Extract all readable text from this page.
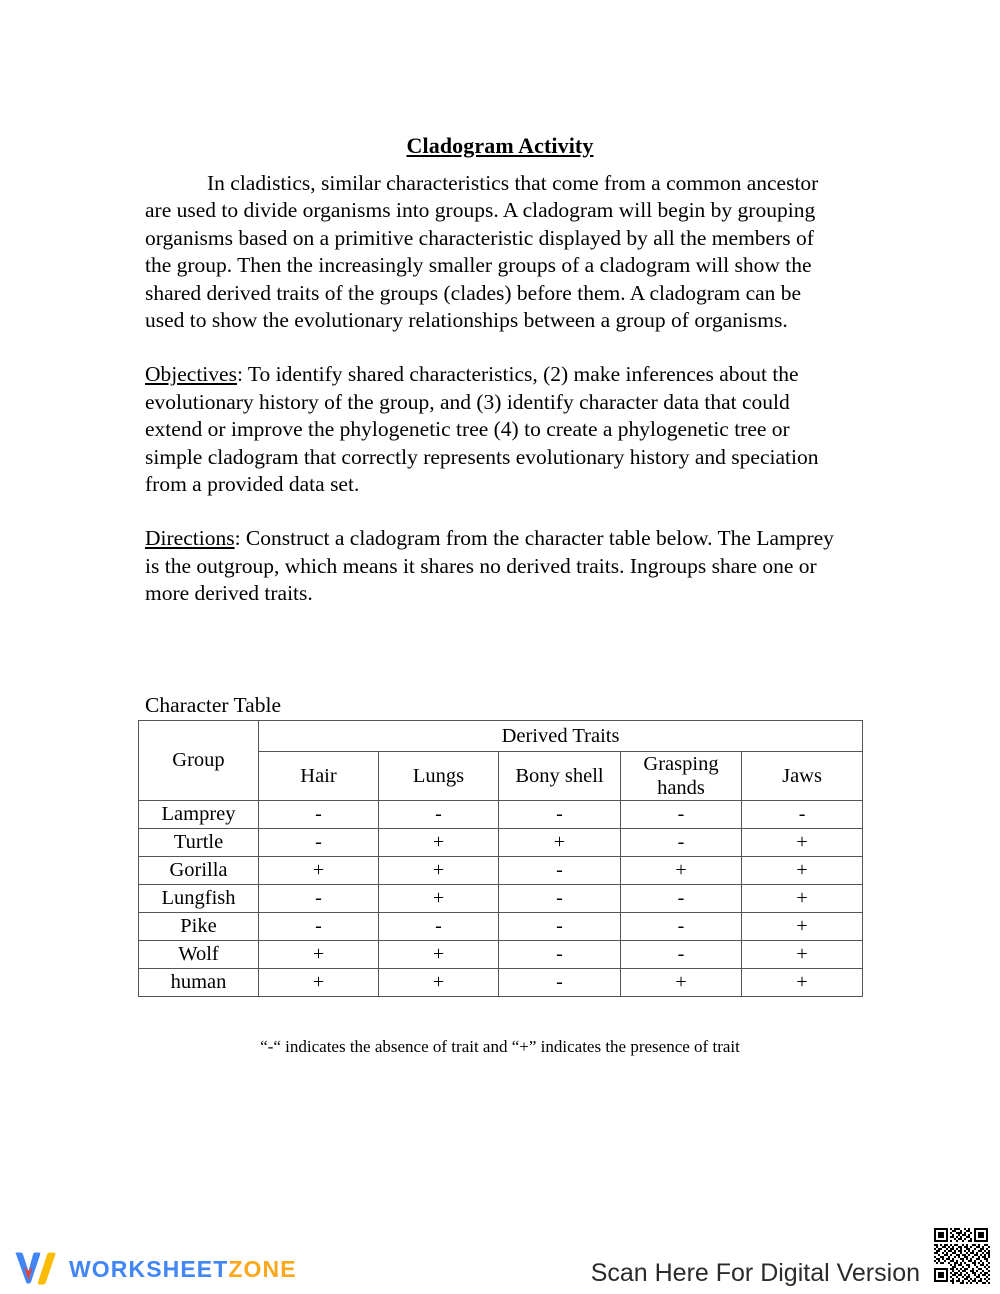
Cladogram Activity

In cladistics, similar characteristics that come from a common ancestor are used to divide organisms into groups. A cladogram will begin by grouping organisms based on a primitive characteristic displayed by all the members of the group. Then the increasingly smaller groups of a cladogram will show the shared derived traits of the groups (clades) before them. A cladogram can be used to show the evolutionary relationships between a group of organisms.

Objectives: To identify shared characteristics, (2) make inferences about the evolutionary history of the group, and (3) identify character data that could extend or improve the phylogenetic tree (4) to create a phylogenetic tree or simple cladogram that correctly represents evolutionary history and speciation from a provided data set.

Directions: Construct a cladogram from the character table below. The Lamprey is the outgroup, which means it shares no derived traits. Ingroups share one or more derived traits.

Character Table
Group	Derived Traits				
	Hair	Lungs	Bony shell	Grasping hands	Jaws
Lamprey	-	-	-	-	-
Turtle	-	+	+	-	+
Gorilla	+	+	-	+	+
Lungfish	-	+	-	-	+
Pike	-	-	-	-	+
Wolf	+	+	-	-	+
human	+	+	-	+	+
“-“ indicates the absence of trait and “+” indicates the presence of trait
WORKSHEETZONE	Scan Here For Digital Version
